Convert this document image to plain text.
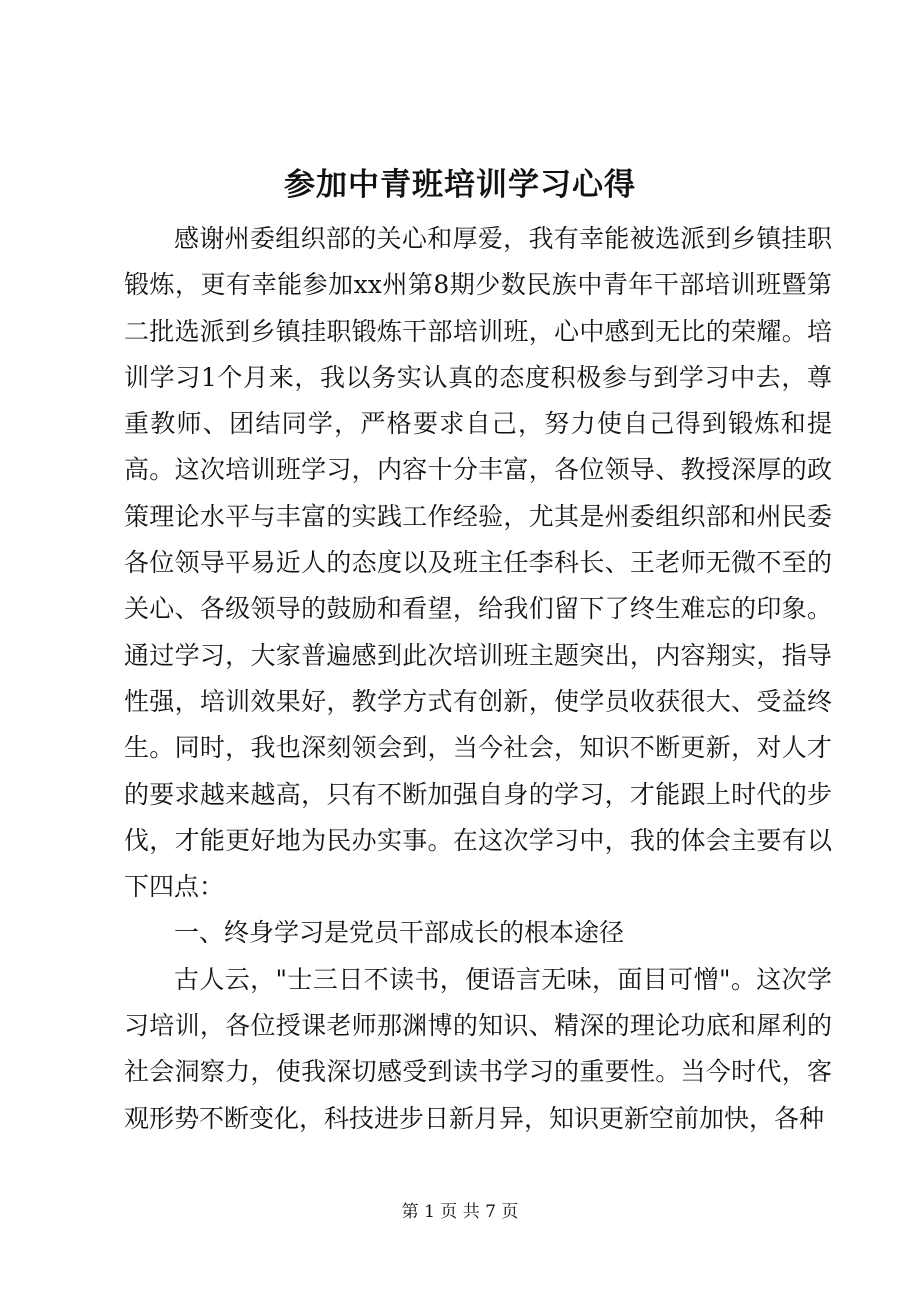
参加中青班培训学习心得

感谢州委组织部的关心和厚爱，我有幸能被选派到乡镇挂职锻炼，更有幸能参加xx州第8期少数民族中青年干部培训班暨第二批选派到乡镇挂职锻炼干部培训班，心中感到无比的荣耀。培训学习1个月来，我以务实认真的态度积极参与到学习中去，尊重教师、团结同学，严格要求自己，努力使自己得到锻炼和提高。这次培训班学习，内容十分丰富，各位领导、教授深厚的政策理论水平与丰富的实践工作经验，尤其是州委组织部和州民委各位领导平易近人的态度以及班主任李科长、王老师无微不至的关心、各级领导的鼓励和看望，给我们留下了终生难忘的印象。通过学习，大家普遍感到此次培训班主题突出，内容翔实，指导性强，培训效果好，教学方式有创新，使学员收获很大、受益终生。同时，我也深刻领会到，当今社会，知识不断更新，对人才的要求越来越高，只有不断加强自身的学习，才能跟上时代的步伐，才能更好地为民办实事。在这次学习中，我的体会主要有以下四点：

一、终身学习是党员干部成长的根本途径

古人云，"士三日不读书，便语言无味，面目可憎"。这次学习培训，各位授课老师那渊博的知识、精深的理论功底和犀利的社会洞察力，使我深切感受到读书学习的重要性。当今时代，客观形势不断变化，科技进步日新月异，知识更新空前加快，各种

第 1 页 共 7 页
